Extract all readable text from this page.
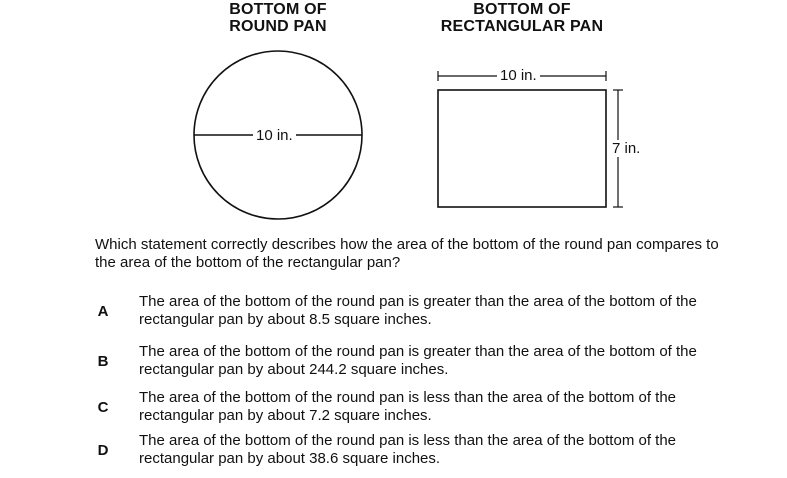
BOTTOM OF
ROUND PAN
BOTTOM OF
RECTANGULAR PAN
10 in.
10 in.
7 in.
Which statement correctly describes how the area of the bottom of the round pan compares to the area of the bottom of the rectangular pan?
A
The area of the bottom of the round pan is greater than the area of the bottom of the rectangular pan by about 8.5 square inches.
B
The area of the bottom of the round pan is greater than the area of the bottom of the rectangular pan by about 244.2 square inches.
C
The area of the bottom of the round pan is less than the area of the bottom of the rectangular pan by about 7.2 square inches.
D
The area of the bottom of the round pan is less than the area of the bottom of the rectangular pan by about 38.6 square inches.
